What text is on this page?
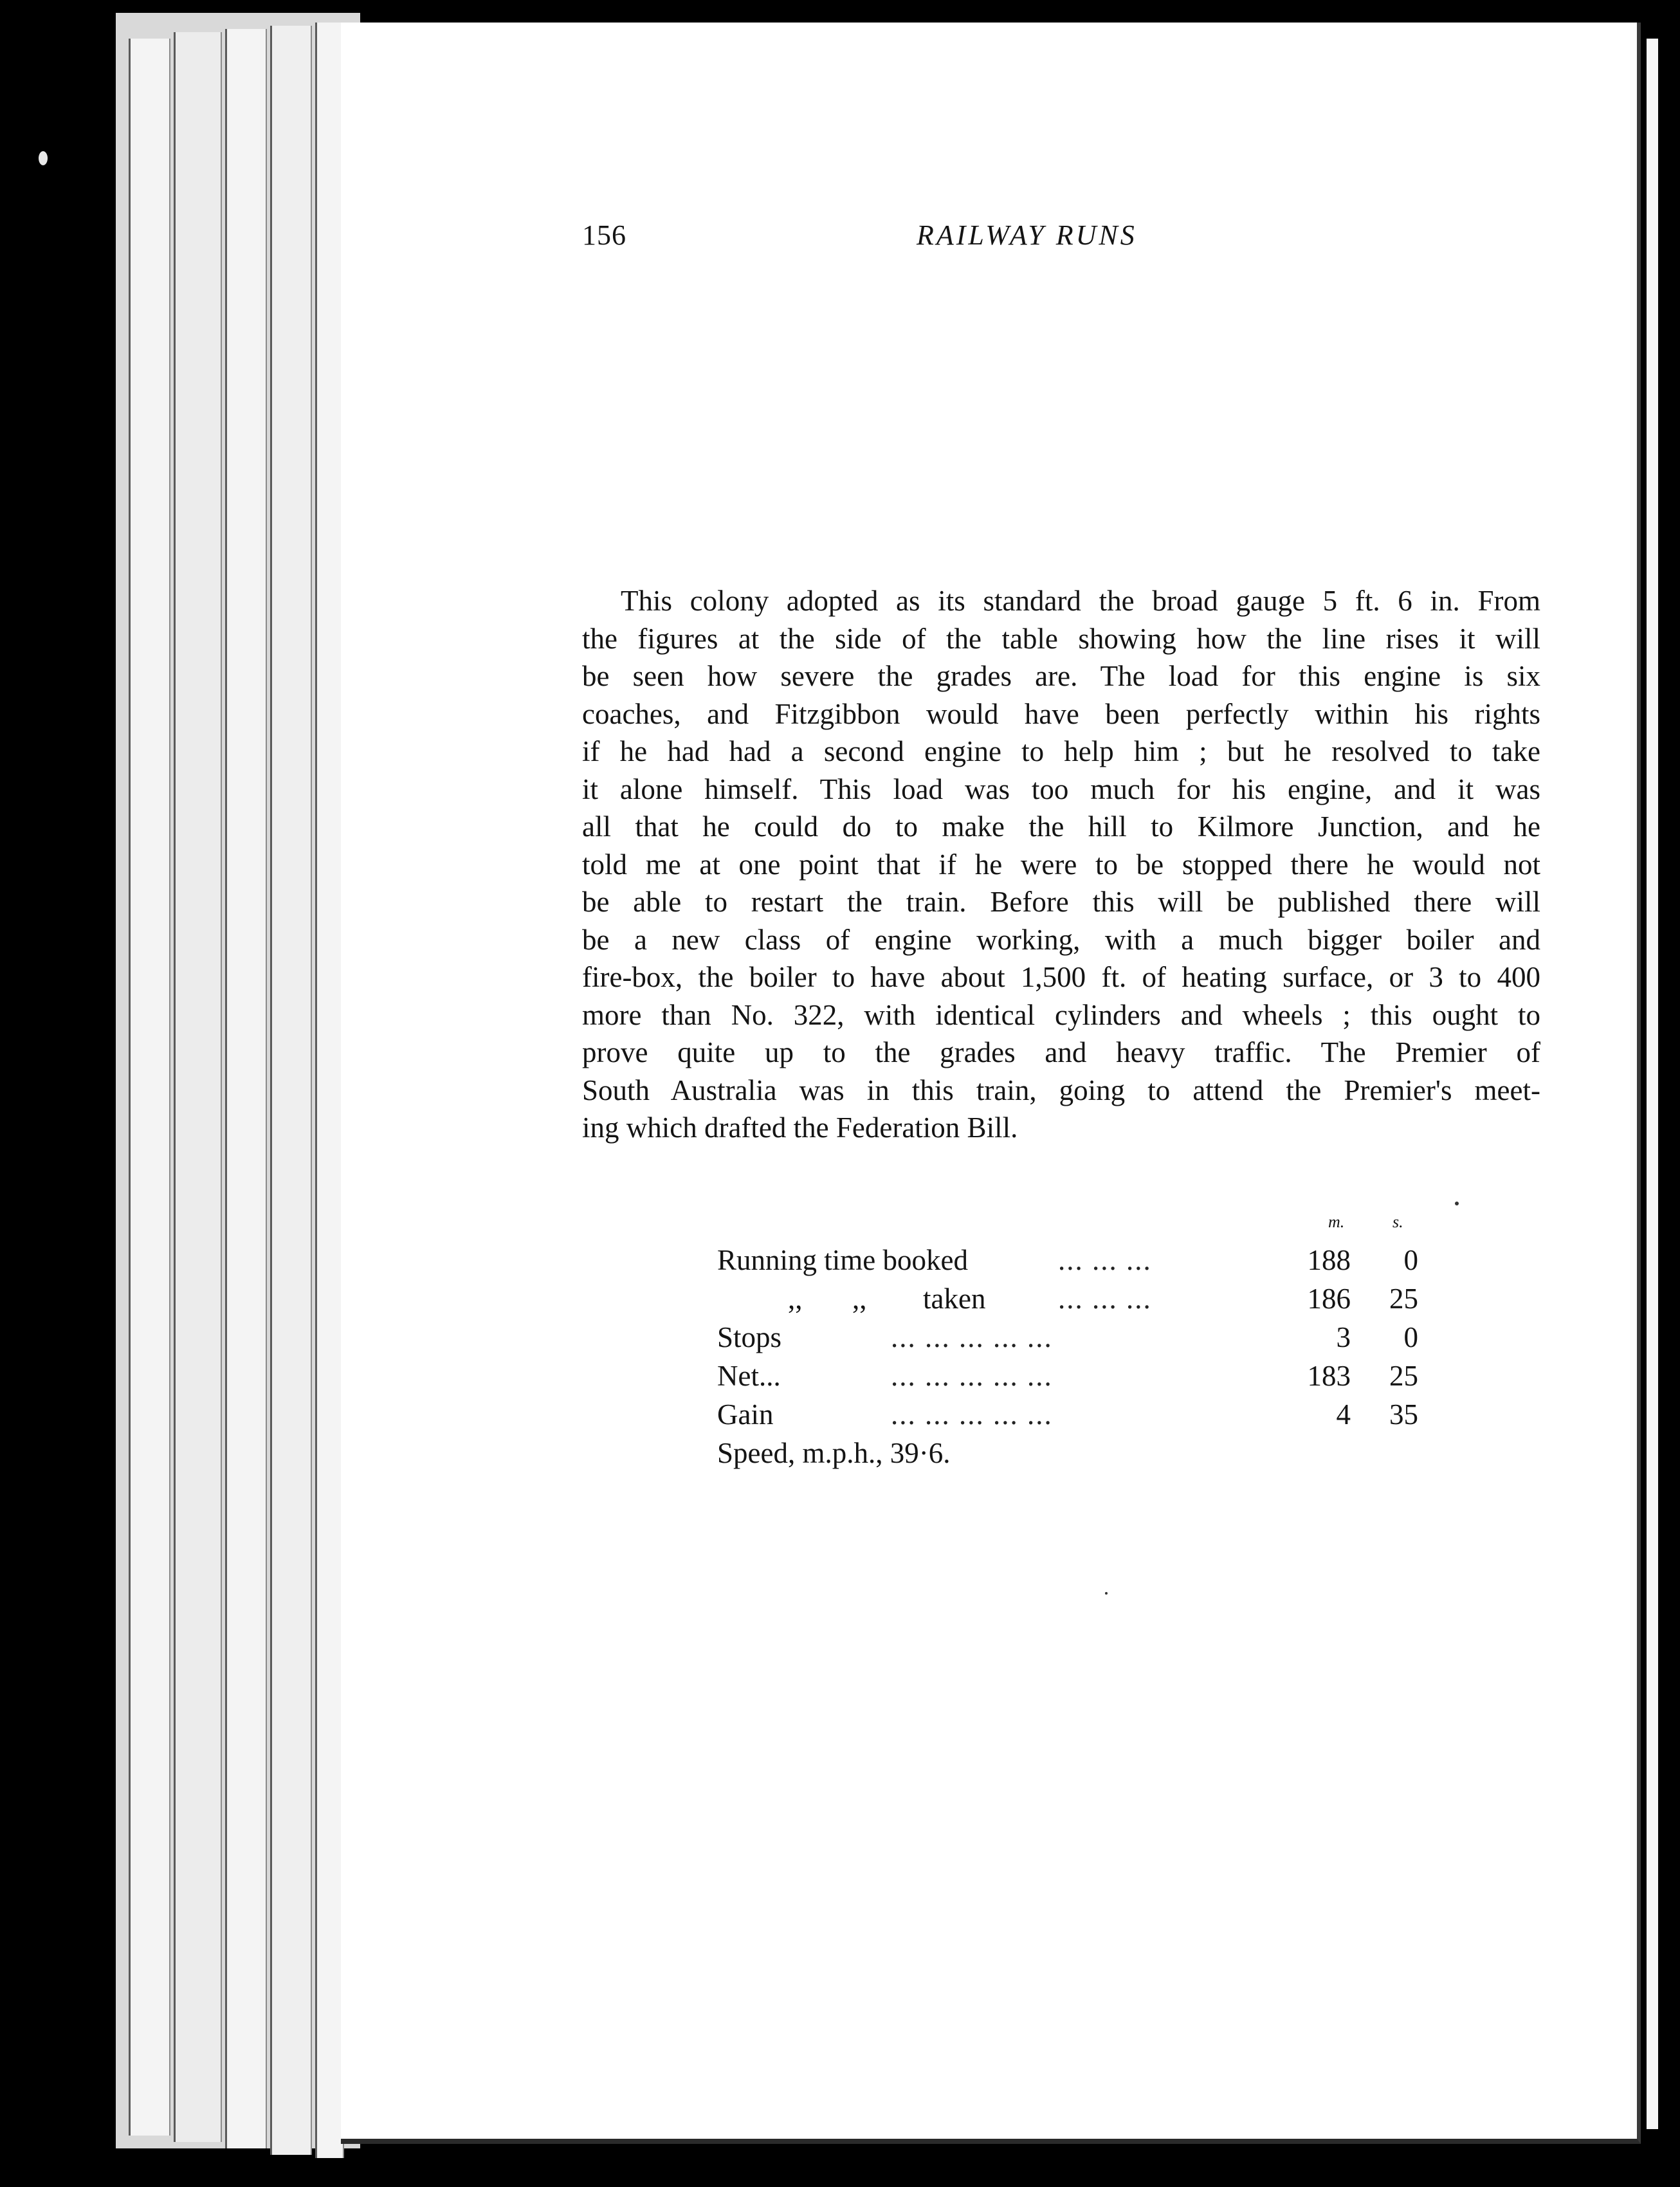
156	RAILWAY RUNS
This colony adopted as its standard the broad gauge 5 ft. 6 in. From
the figures at the side of the table showing how the line rises it will
be seen how severe the grades are. The load for this engine is six
coaches, and Fitzgibbon would have been perfectly within his rights
if he had had a second engine to help him ; but he resolved to take
it alone himself. This load was too much for his engine, and it was
all that he could do to make the hill to Kilmore Junction, and he
told me at one point that if he were to be stopped there he would not
be able to restart the train. Before this will be published there will
be a new class of engine working, with a much bigger boiler and
fire-box, the boiler to have about 1,500 ft. of heating surface, or 3 to 400
more than No. 322, with identical cylinders and wheels ; this ought to
prove quite up to the grades and heavy traffic. The Premier of
South Australia was in this train, going to attend the Premier's meet-
ing which drafted the Federation Bill.
m.	s.
Running time booked	... ... ...	188	0
,, ,, taken	... ... ...	186	25
Stops	... ... ... ... ...	3	0
Net...	... ... ... ... ...	183	25
Gain	... ... ... ... ...	4	35
Speed, m.p.h., 39·6.
